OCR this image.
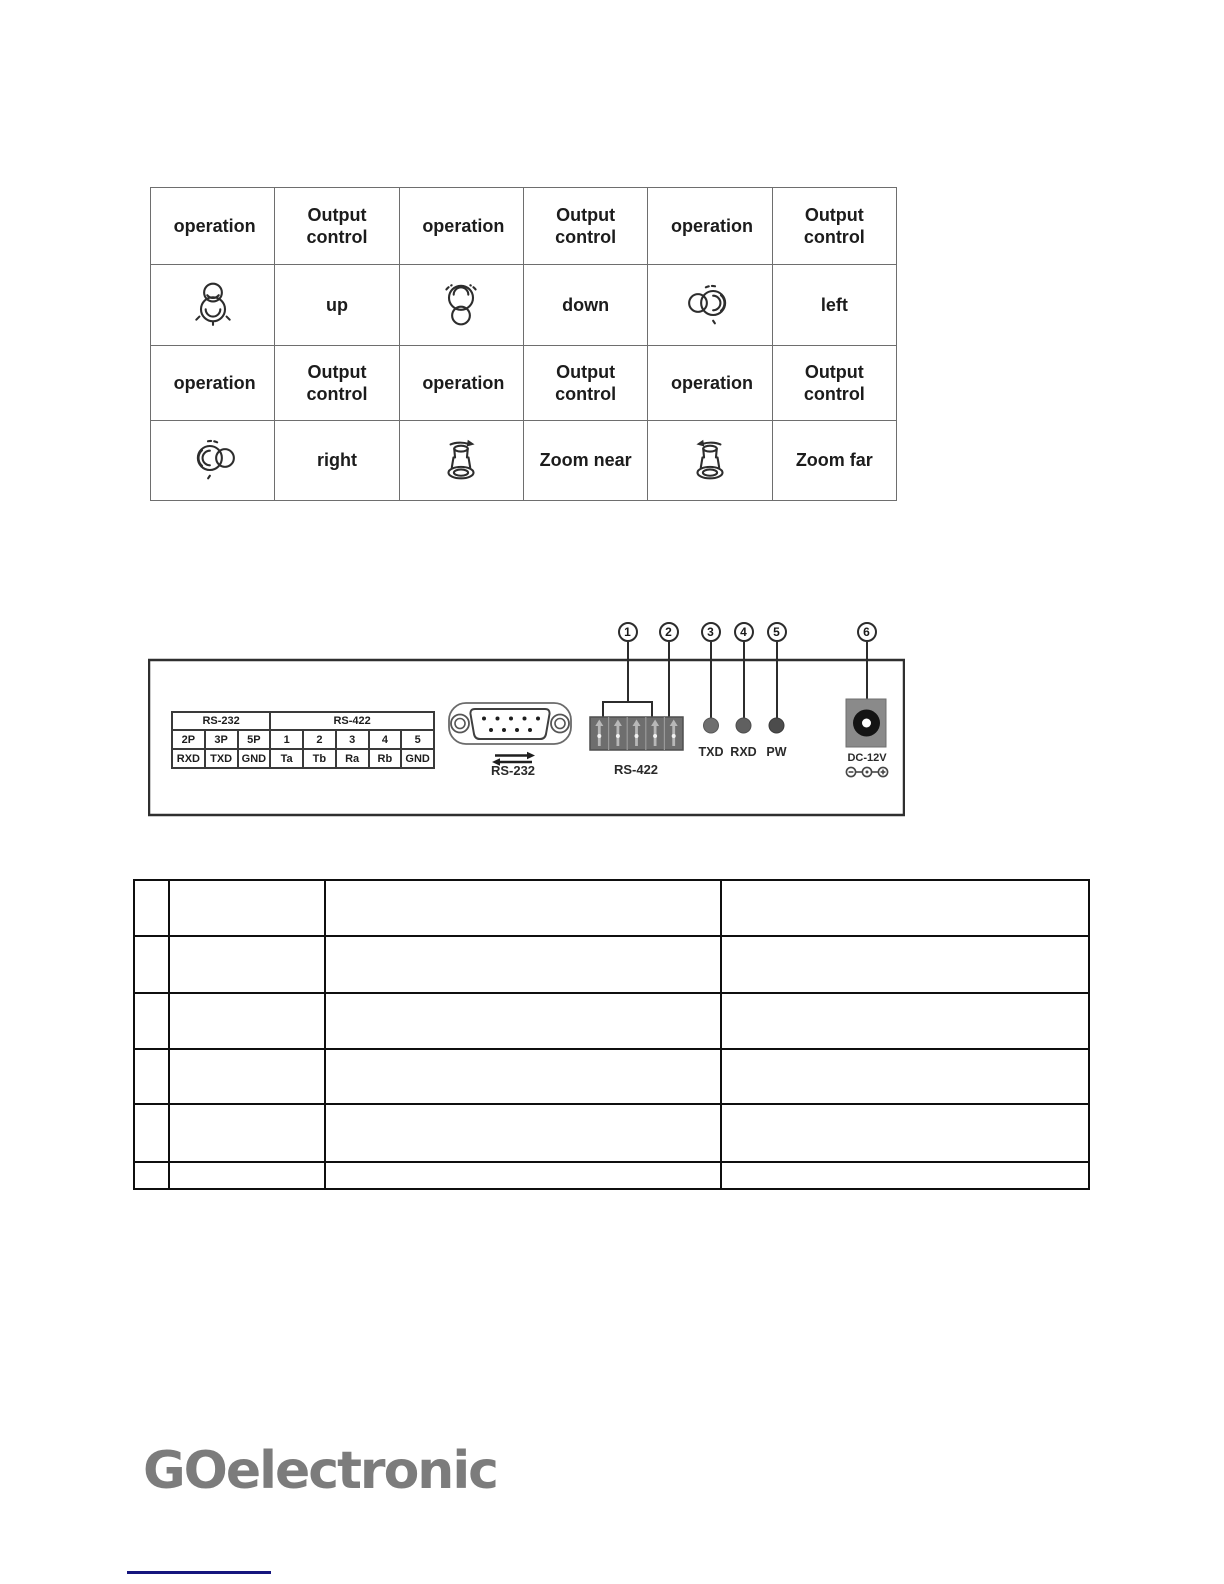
operation	Output control	operation	Output control	operation	Output control
	up		down		left
operation	Output control	operation	Output control	operation	Output control
	right		Zoom near		Zoom far
1	2	3	4	5	6
RS-232			RS-422				
2P	3P	5P	1	2	3	4	5
RXD	TXD	GND	Ta	Tb	Ra	Rb	GND
RS-232	RS-422
TXD RXD PW	DC-12V

GOelectronic
